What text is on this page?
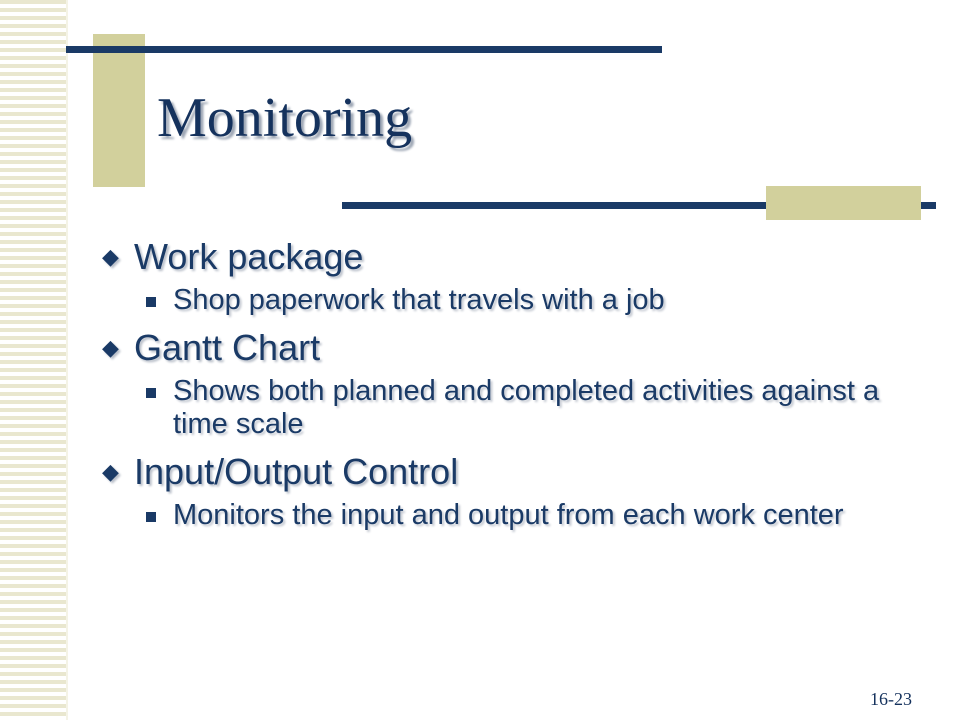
Monitoring
◆ Work package
Shop paperwork that travels with a job
◆ Gantt Chart
Shows both planned and completed activities against a time scale
◆ Input/Output Control
Monitors the input and output from each work center
16-23
